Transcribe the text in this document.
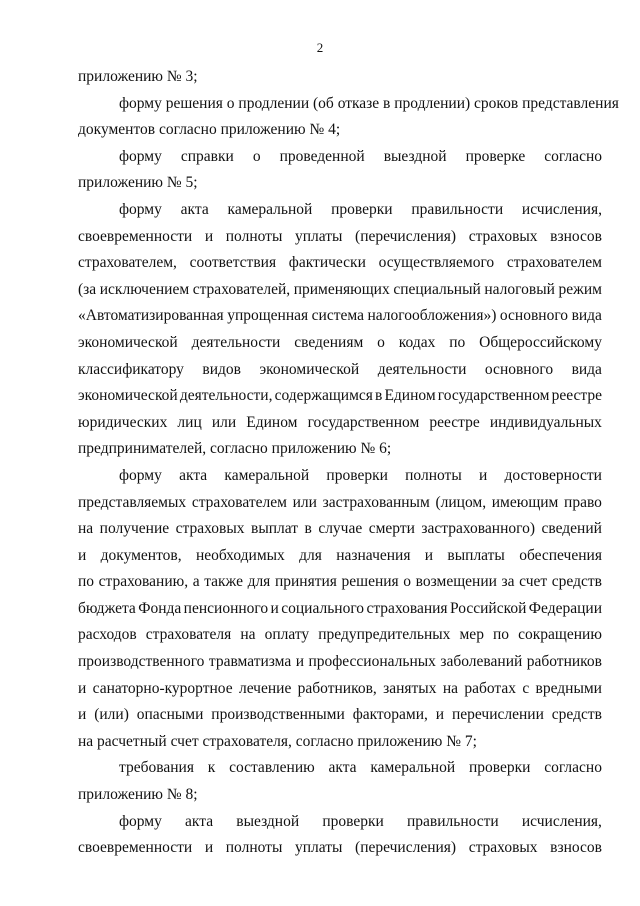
2
приложению № 3;
форму решения о продлении (об отказе в продлении) сроков представления
документов согласно приложению № 4;
форму справки о проведенной выездной проверке согласно
приложению № 5;
форму акта камеральной проверки правильности исчисления,
своевременности и полноты уплаты (перечисления) страховых взносов
страхователем, соответствия фактически осуществляемого страхователем
(за исключением страхователей, применяющих специальный налоговый режим
«Автоматизированная упрощенная система налогообложения») основного вида
экономической деятельности сведениям о кодах по Общероссийскому
классификатору видов экономической деятельности основного вида
экономической деятельности, содержащимся в Едином государственном реестре
юридических лиц или Едином государственном реестре индивидуальных
предпринимателей, согласно приложению № 6;
форму акта камеральной проверки полноты и достоверности
представляемых страхователем или застрахованным (лицом, имеющим право
на получение страховых выплат в случае смерти застрахованного) сведений
и документов, необходимых для назначения и выплаты обеспечения
по страхованию, а также для принятия решения о возмещении за счет средств
бюджета Фонда пенсионного и социального страхования Российской Федерации
расходов страхователя на оплату предупредительных мер по сокращению
производственного травматизма и профессиональных заболеваний работников
и санаторно-курортное лечение работников, занятых на работах с вредными
и (или) опасными производственными факторами, и перечислении средств
на расчетный счет страхователя, согласно приложению № 7;
требования к составлению акта камеральной проверки согласно
приложению № 8;
форму акта выездной проверки правильности исчисления,
своевременности и полноты уплаты (перечисления) страховых взносов
